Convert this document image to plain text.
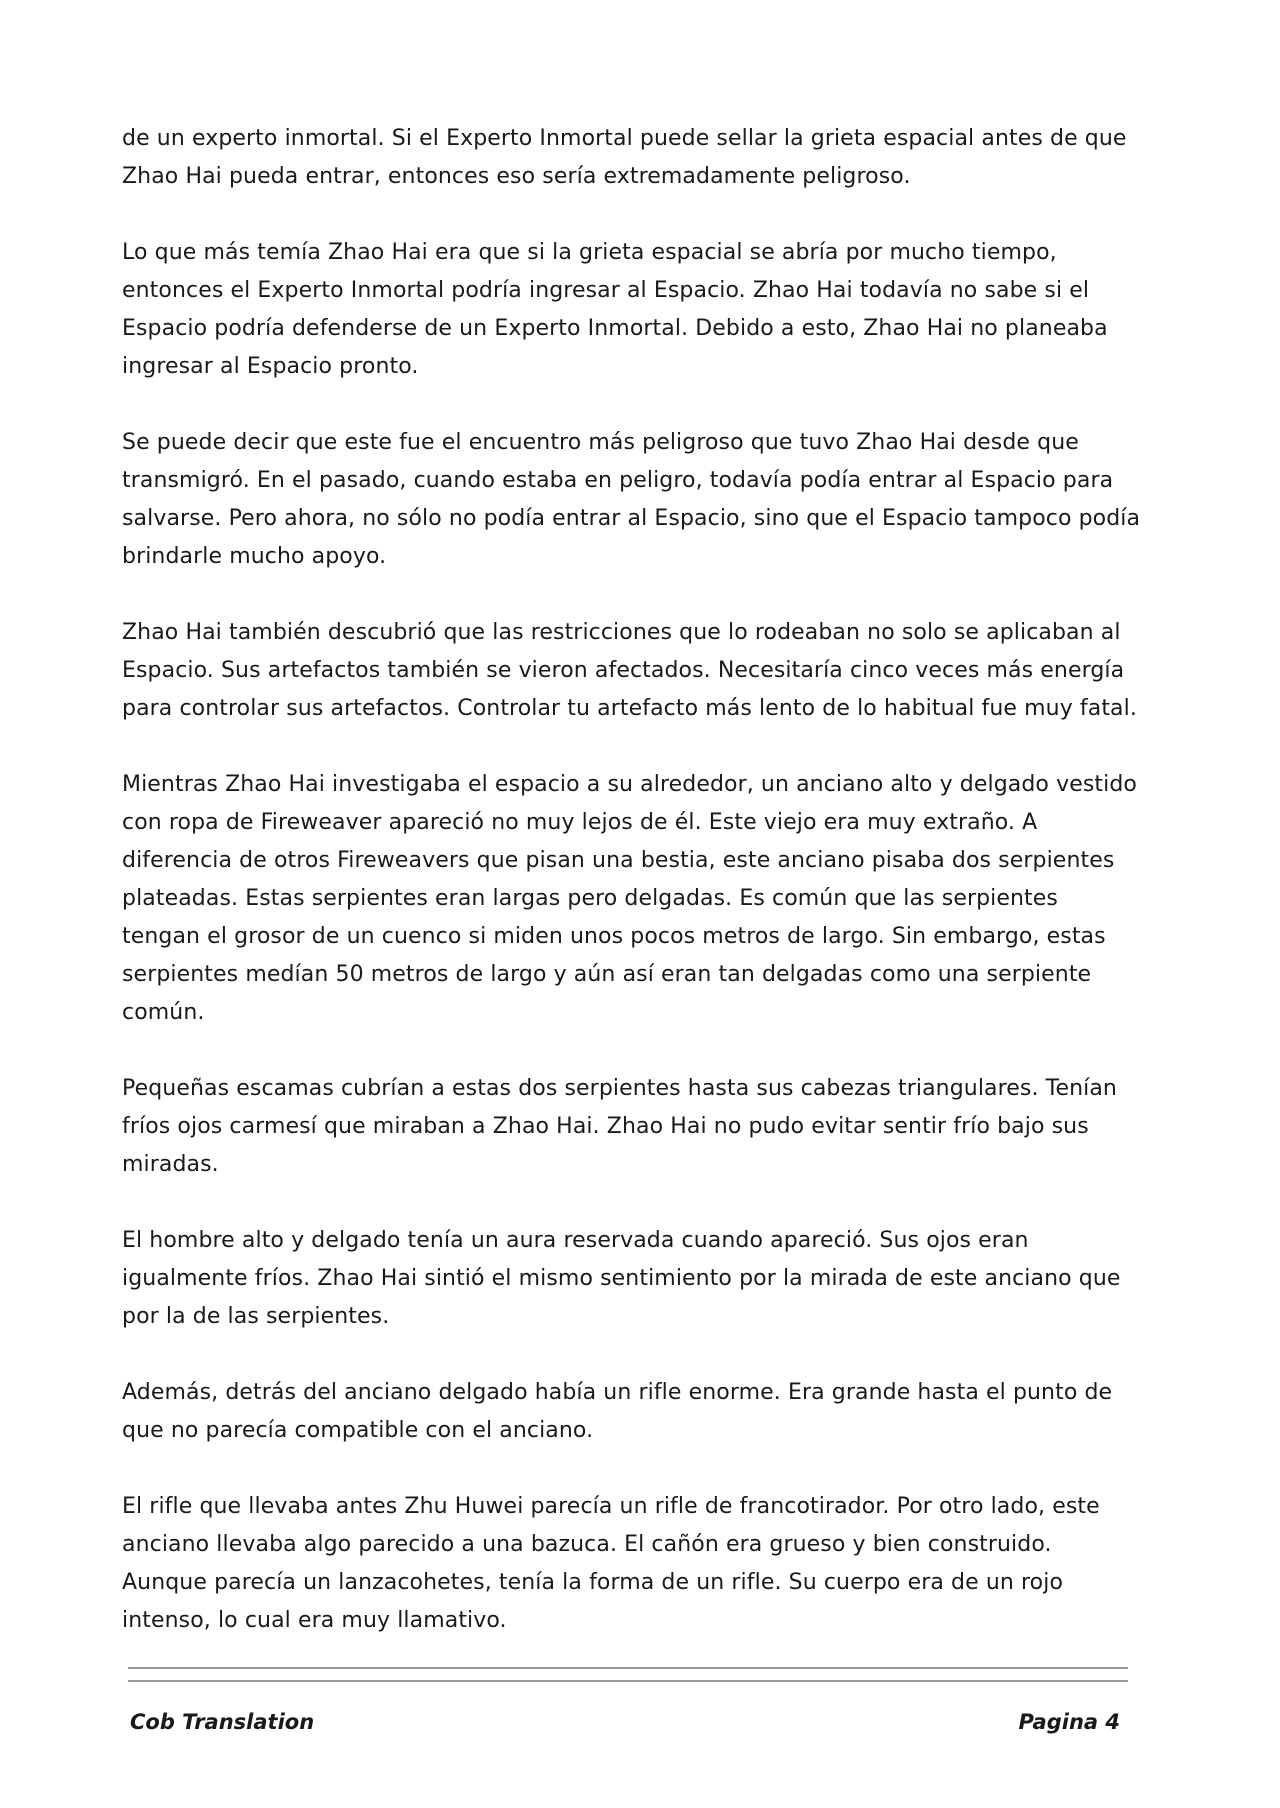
de un experto inmortal. Si el Experto Inmortal puede sellar la grieta espacial antes de que Zhao Hai pueda entrar, entonces eso sería extremadamente peligroso.

Lo que más temía Zhao Hai era que si la grieta espacial se abría por mucho tiempo, entonces el Experto Inmortal podría ingresar al Espacio. Zhao Hai todavía no sabe si el Espacio podría defenderse de un Experto Inmortal. Debido a esto, Zhao Hai no planeaba ingresar al Espacio pronto.

Se puede decir que este fue el encuentro más peligroso que tuvo Zhao Hai desde que transmigró. En el pasado, cuando estaba en peligro, todavía podía entrar al Espacio para salvarse. Pero ahora, no sólo no podía entrar al Espacio, sino que el Espacio tampoco podía brindarle mucho apoyo.

Zhao Hai también descubrió que las restricciones que lo rodeaban no solo se aplicaban al Espacio. Sus artefactos también se vieron afectados. Necesitaría cinco veces más energía para controlar sus artefactos. Controlar tu artefacto más lento de lo habitual fue muy fatal.

Mientras Zhao Hai investigaba el espacio a su alrededor, un anciano alto y delgado vestido con ropa de Fireweaver apareció no muy lejos de él. Este viejo era muy extraño. A diferencia de otros Fireweavers que pisan una bestia, este anciano pisaba dos serpientes plateadas. Estas serpientes eran largas pero delgadas. Es común que las serpientes tengan el grosor de un cuenco si miden unos pocos metros de largo. Sin embargo, estas serpientes medían 50 metros de largo y aún así eran tan delgadas como una serpiente común.

Pequeñas escamas cubrían a estas dos serpientes hasta sus cabezas triangulares. Tenían fríos ojos carmesí que miraban a Zhao Hai. Zhao Hai no pudo evitar sentir frío bajo sus miradas.

El hombre alto y delgado tenía un aura reservada cuando apareció. Sus ojos eran igualmente fríos. Zhao Hai sintió el mismo sentimiento por la mirada de este anciano que por la de las serpientes.

Además, detrás del anciano delgado había un rifle enorme. Era grande hasta el punto de que no parecía compatible con el anciano.

El rifle que llevaba antes Zhu Huwei parecía un rifle de francotirador. Por otro lado, este anciano llevaba algo parecido a una bazuca. El cañón era grueso y bien construido. Aunque parecía un lanzacohetes, tenía la forma de un rifle. Su cuerpo era de un rojo intenso, lo cual era muy llamativo.

Cob Translation	Pagina 4
